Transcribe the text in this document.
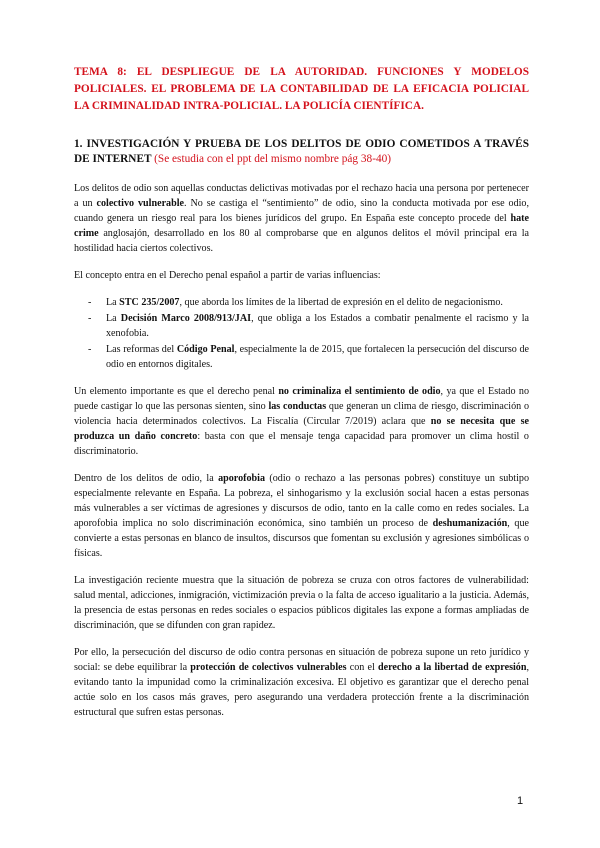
TEMA 8: EL DESPLIEGUE DE LA AUTORIDAD. FUNCIONES Y MODELOS POLICIALES. EL PROBLEMA DE LA CONTABILIDAD DE LA EFICACIA POLICIAL LA CRIMINALIDAD INTRA-POLICIAL. LA POLICÍA CIENTÍFICA.
1. INVESTIGACIÓN Y PRUEBA DE LOS DELITOS DE ODIO COMETIDOS A TRAVÉS DE INTERNET (Se estudia con el ppt del mismo nombre pág 38-40)

Los delitos de odio son aquellas conductas delictivas motivadas por el rechazo hacia una persona por pertenecer a un colectivo vulnerable. No se castiga el “sentimiento” de odio, sino la conducta motivada por ese odio, cuando genera un riesgo real para los bienes jurídicos del grupo. En España este concepto procede del hate crime anglosajón, desarrollado en los 80 al comprobarse que en algunos delitos el móvil principal era la hostilidad hacia ciertos colectivos.

El concepto entra en el Derecho penal español a partir de varias influencias:

- La STC 235/2007, que aborda los límites de la libertad de expresión en el delito de negacionismo.
- La Decisión Marco 2008/913/JAI, que obliga a los Estados a combatir penalmente el racismo y la xenofobia.
- Las reformas del Código Penal, especialmente la de 2015, que fortalecen la persecución del discurso de odio en entornos digitales.

Un elemento importante es que el derecho penal no criminaliza el sentimiento de odio, ya que el Estado no puede castigar lo que las personas sienten, sino las conductas que generan un clima de riesgo, discriminación o violencia hacia determinados colectivos. La Fiscalía (Circular 7/2019) aclara que no se necesita que se produzca un daño concreto: basta con que el mensaje tenga capacidad para promover un clima hostil o discriminatorio.

Dentro de los delitos de odio, la aporofobia (odio o rechazo a las personas pobres) constituye un subtipo especialmente relevante en España. La pobreza, el sinhogarismo y la exclusión social hacen a estas personas más vulnerables a ser víctimas de agresiones y discursos de odio, tanto en la calle como en redes sociales. La aporofobia implica no solo discriminación económica, sino también un proceso de deshumanización, que convierte a estas personas en blanco de insultos, discursos que fomentan su exclusión y agresiones simbólicas o físicas.

La investigación reciente muestra que la situación de pobreza se cruza con otros factores de vulnerabilidad: salud mental, adicciones, inmigración, victimización previa o la falta de acceso igualitario a la justicia. Además, la presencia de estas personas en redes sociales o espacios públicos digitales las expone a formas ampliadas de discriminación, que se difunden con gran rapidez.

Por ello, la persecución del discurso de odio contra personas en situación de pobreza supone un reto jurídico y social: se debe equilibrar la protección de colectivos vulnerables con el derecho a la libertad de expresión, evitando tanto la impunidad como la criminalización excesiva. El objetivo es garantizar que el derecho penal actúe solo en los casos más graves, pero asegurando una verdadera protección frente a la discriminación estructural que sufren estas personas.

1
